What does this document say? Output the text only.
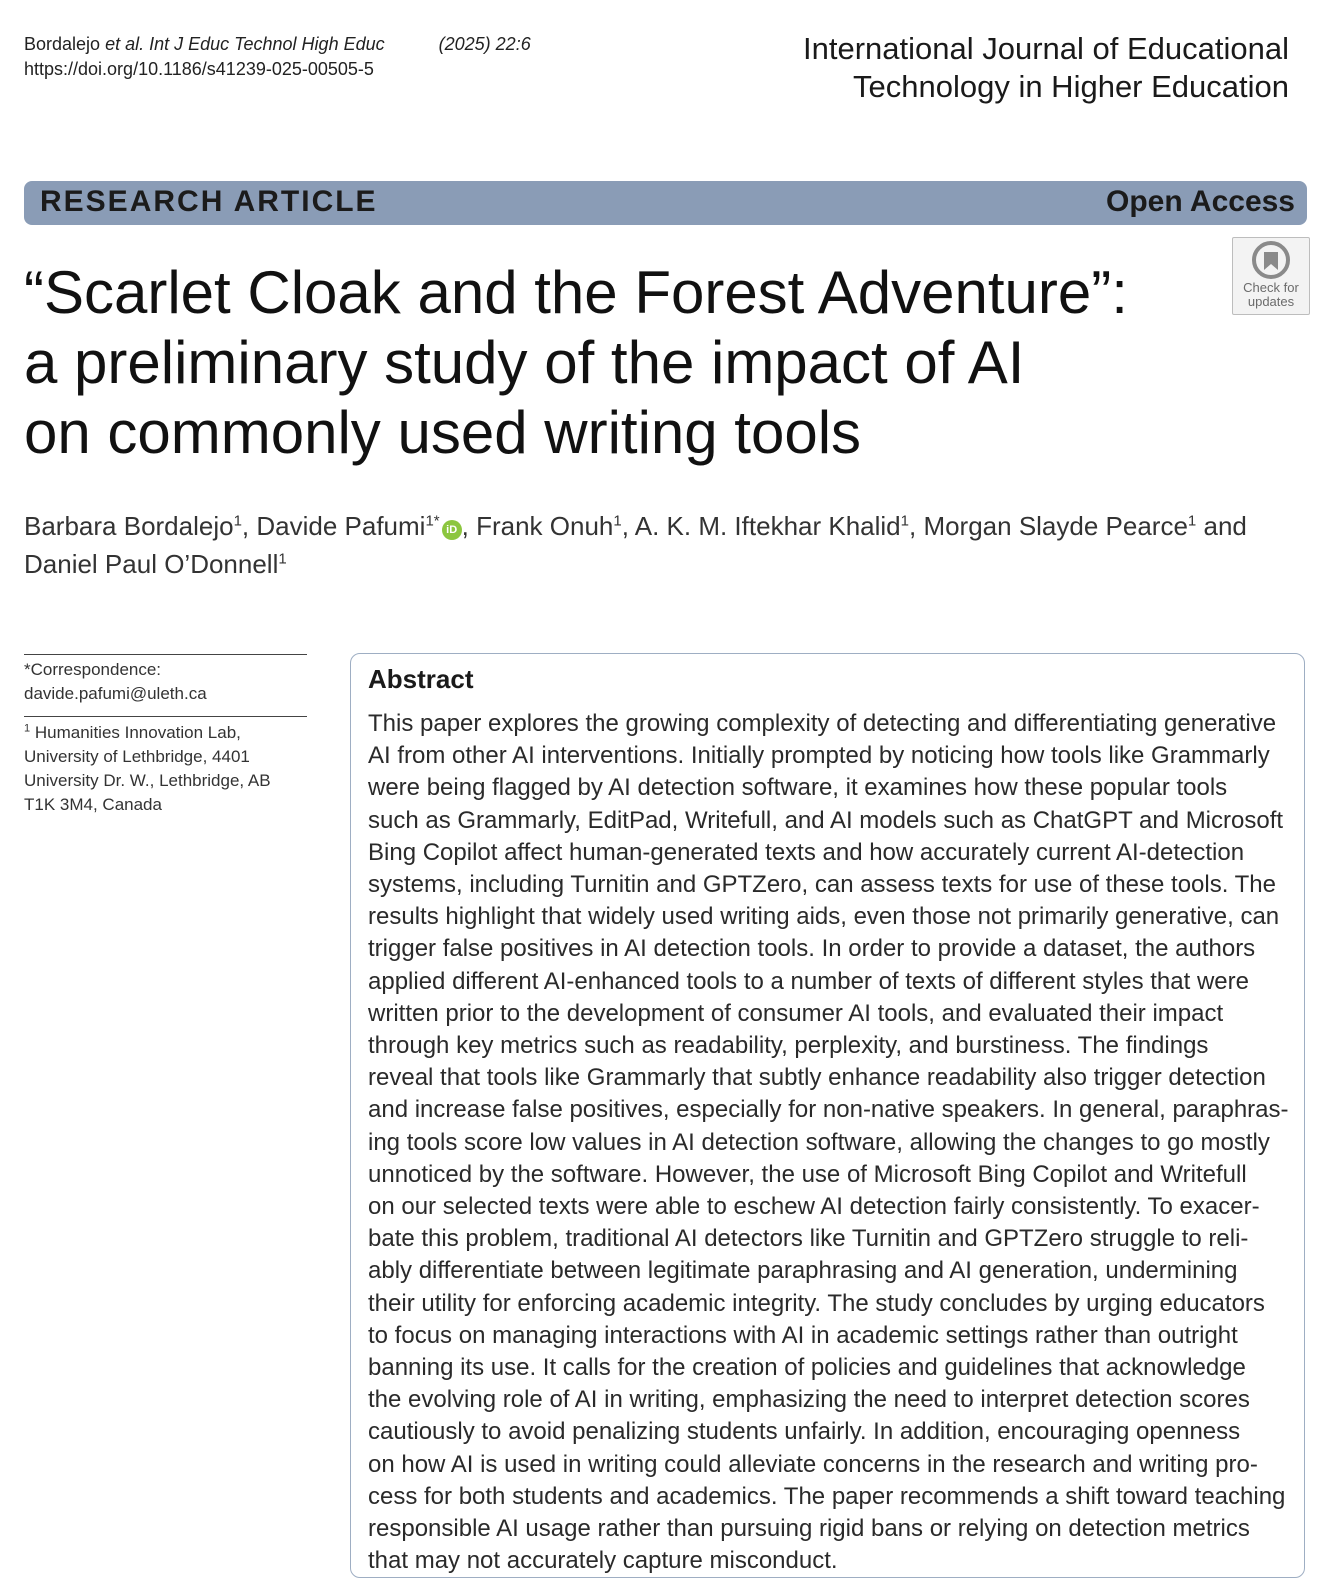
Bordalejo et al. Int J Educ Technol High Educ	(2025) 22:6
https://doi.org/10.1186/s41239-025-00505-5
International Journal of Educational
Technology in Higher Education
RESEARCH ARTICLE	Open Access
Check for
updates
“Scarlet Cloak and the Forest Adventure”:
a preliminary study of the impact of AI
on commonly used writing tools
Barbara Bordalejo$^1$, Davide Pafumi$^{1*}$iD , Frank Onuh$^1$, A. K. M. Iftekhar Khalid$^1$, Morgan Slayde Pearce$^1$ and
Daniel Paul O’Donnell$^1$
*Correspondence:
davide.pafumi@uleth.ca
$^1$ Humanities Innovation Lab,
University of Lethbridge, 4401
University Dr. W., Lethbridge, AB
T1K 3M4, Canada
Abstract
This paper explores the growing complexity of detecting and differentiating generative
AI from other AI interventions. Initially prompted by noticing how tools like Grammarly
were being flagged by AI detection software, it examines how these popular tools
such as Grammarly, EditPad, Writefull, and AI models such as ChatGPT and Microsoft
Bing Copilot affect human-generated texts and how accurately current AI-detection
systems, including Turnitin and GPTZero, can assess texts for use of these tools. The
results highlight that widely used writing aids, even those not primarily generative, can
trigger false positives in AI detection tools. In order to provide a dataset, the authors
applied different AI-enhanced tools to a number of texts of different styles that were
written prior to the development of consumer AI tools, and evaluated their impact
through key metrics such as readability, perplexity, and burstiness. The findings
reveal that tools like Grammarly that subtly enhance readability also trigger detection
and increase false positives, especially for non-native speakers. In general, paraphras-
ing tools score low values in AI detection software, allowing the changes to go mostly
unnoticed by the software. However, the use of Microsoft Bing Copilot and Writefull
on our selected texts were able to eschew AI detection fairly consistently. To exacer-
bate this problem, traditional AI detectors like Turnitin and GPTZero struggle to reli-
ably differentiate between legitimate paraphrasing and AI generation, undermining
their utility for enforcing academic integrity. The study concludes by urging educators
to focus on managing interactions with AI in academic settings rather than outright
banning its use. It calls for the creation of policies and guidelines that acknowledge
the evolving role of AI in writing, emphasizing the need to interpret detection scores
cautiously to avoid penalizing students unfairly. In addition, encouraging openness
on how AI is used in writing could alleviate concerns in the research and writing pro-
cess for both students and academics. The paper recommends a shift toward teaching
responsible AI usage rather than pursuing rigid bans or relying on detection metrics
that may not accurately capture misconduct.
